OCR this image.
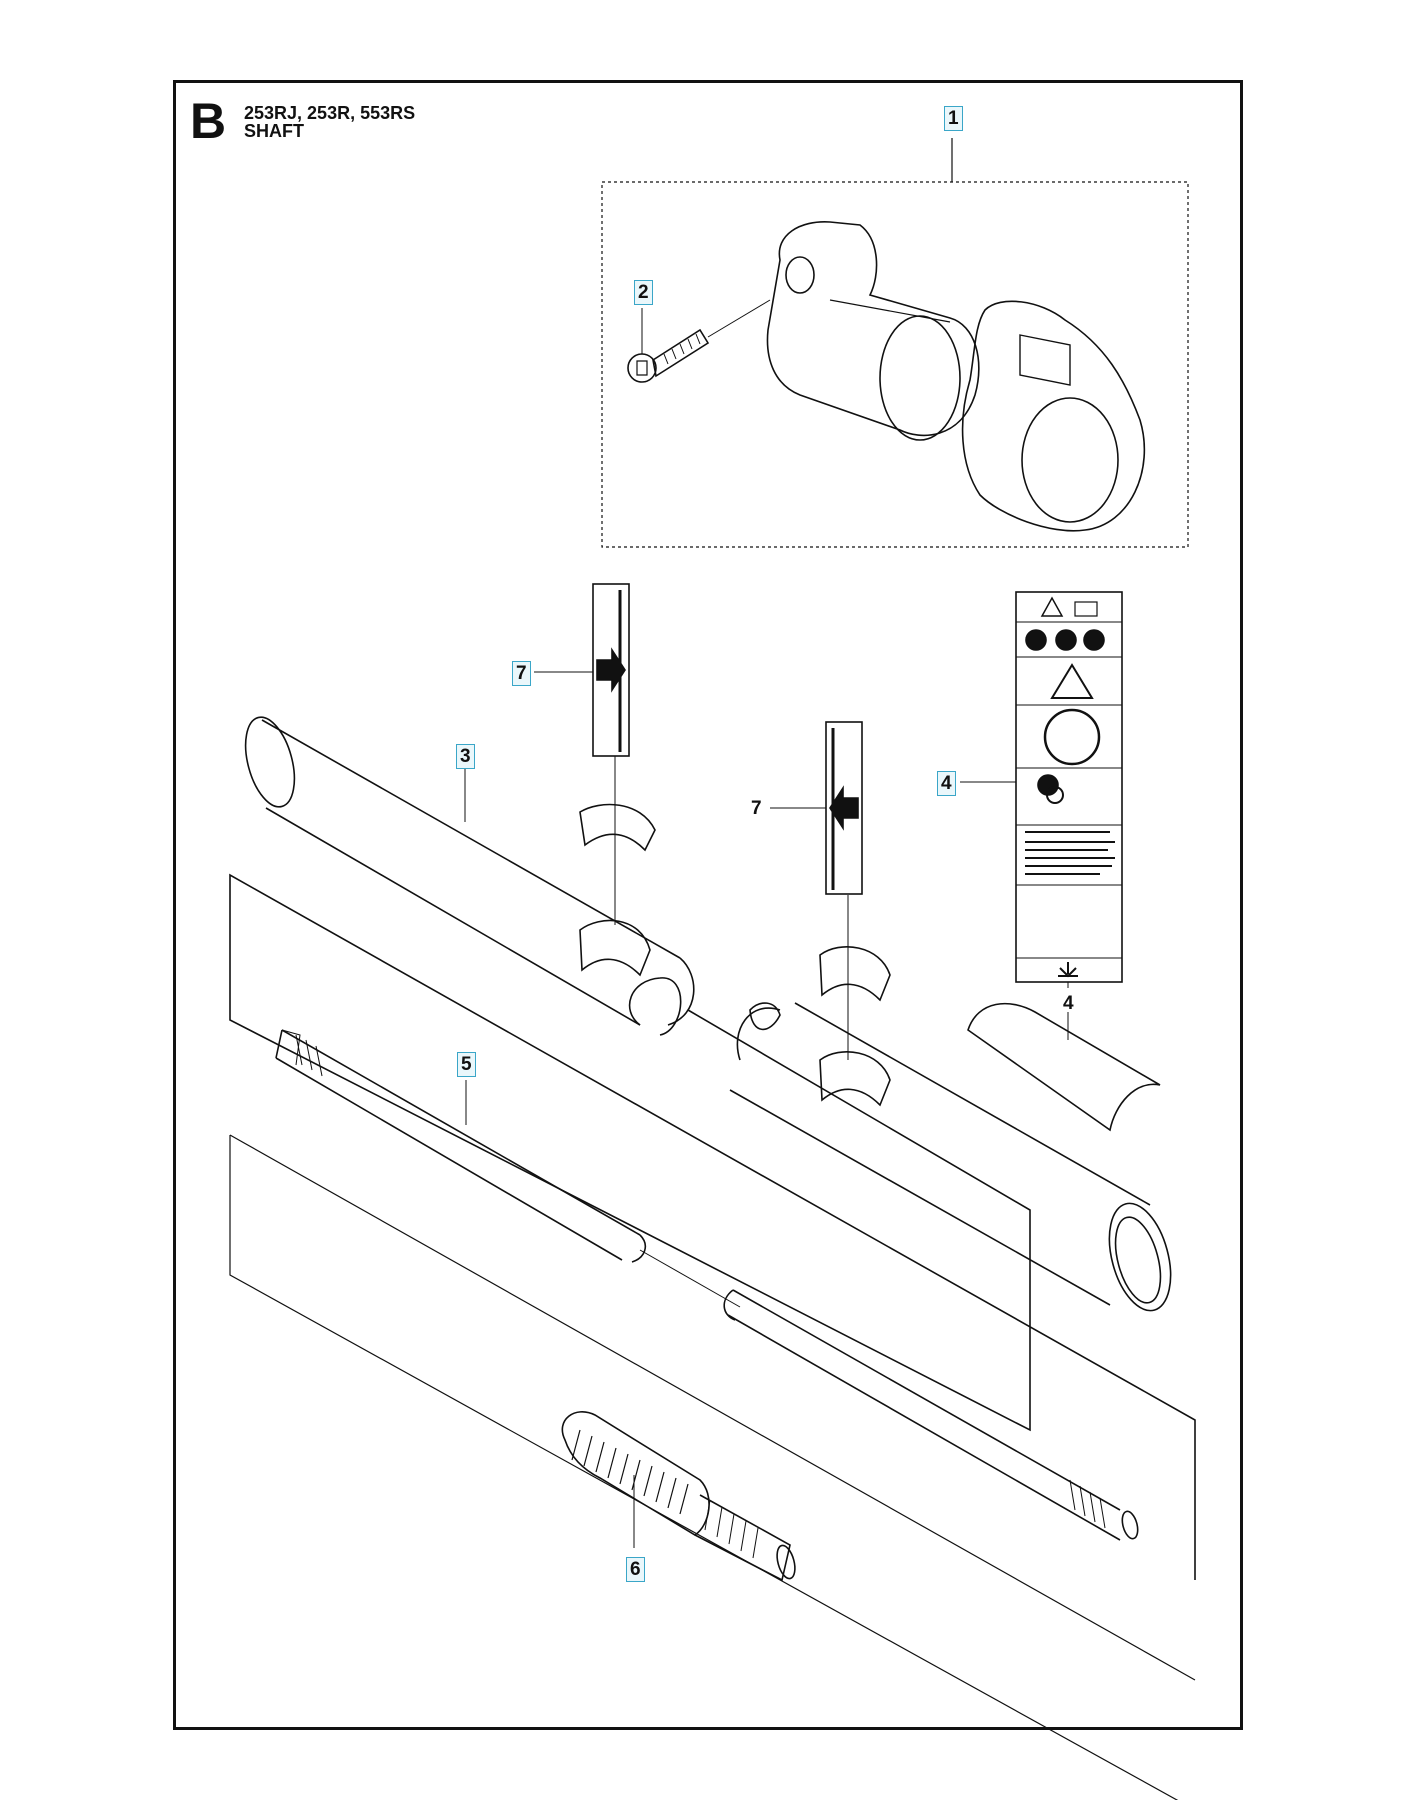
B 253RJ, 253R, 553RS
SHAFT
1
2
3
4
4
5
6
7
7
